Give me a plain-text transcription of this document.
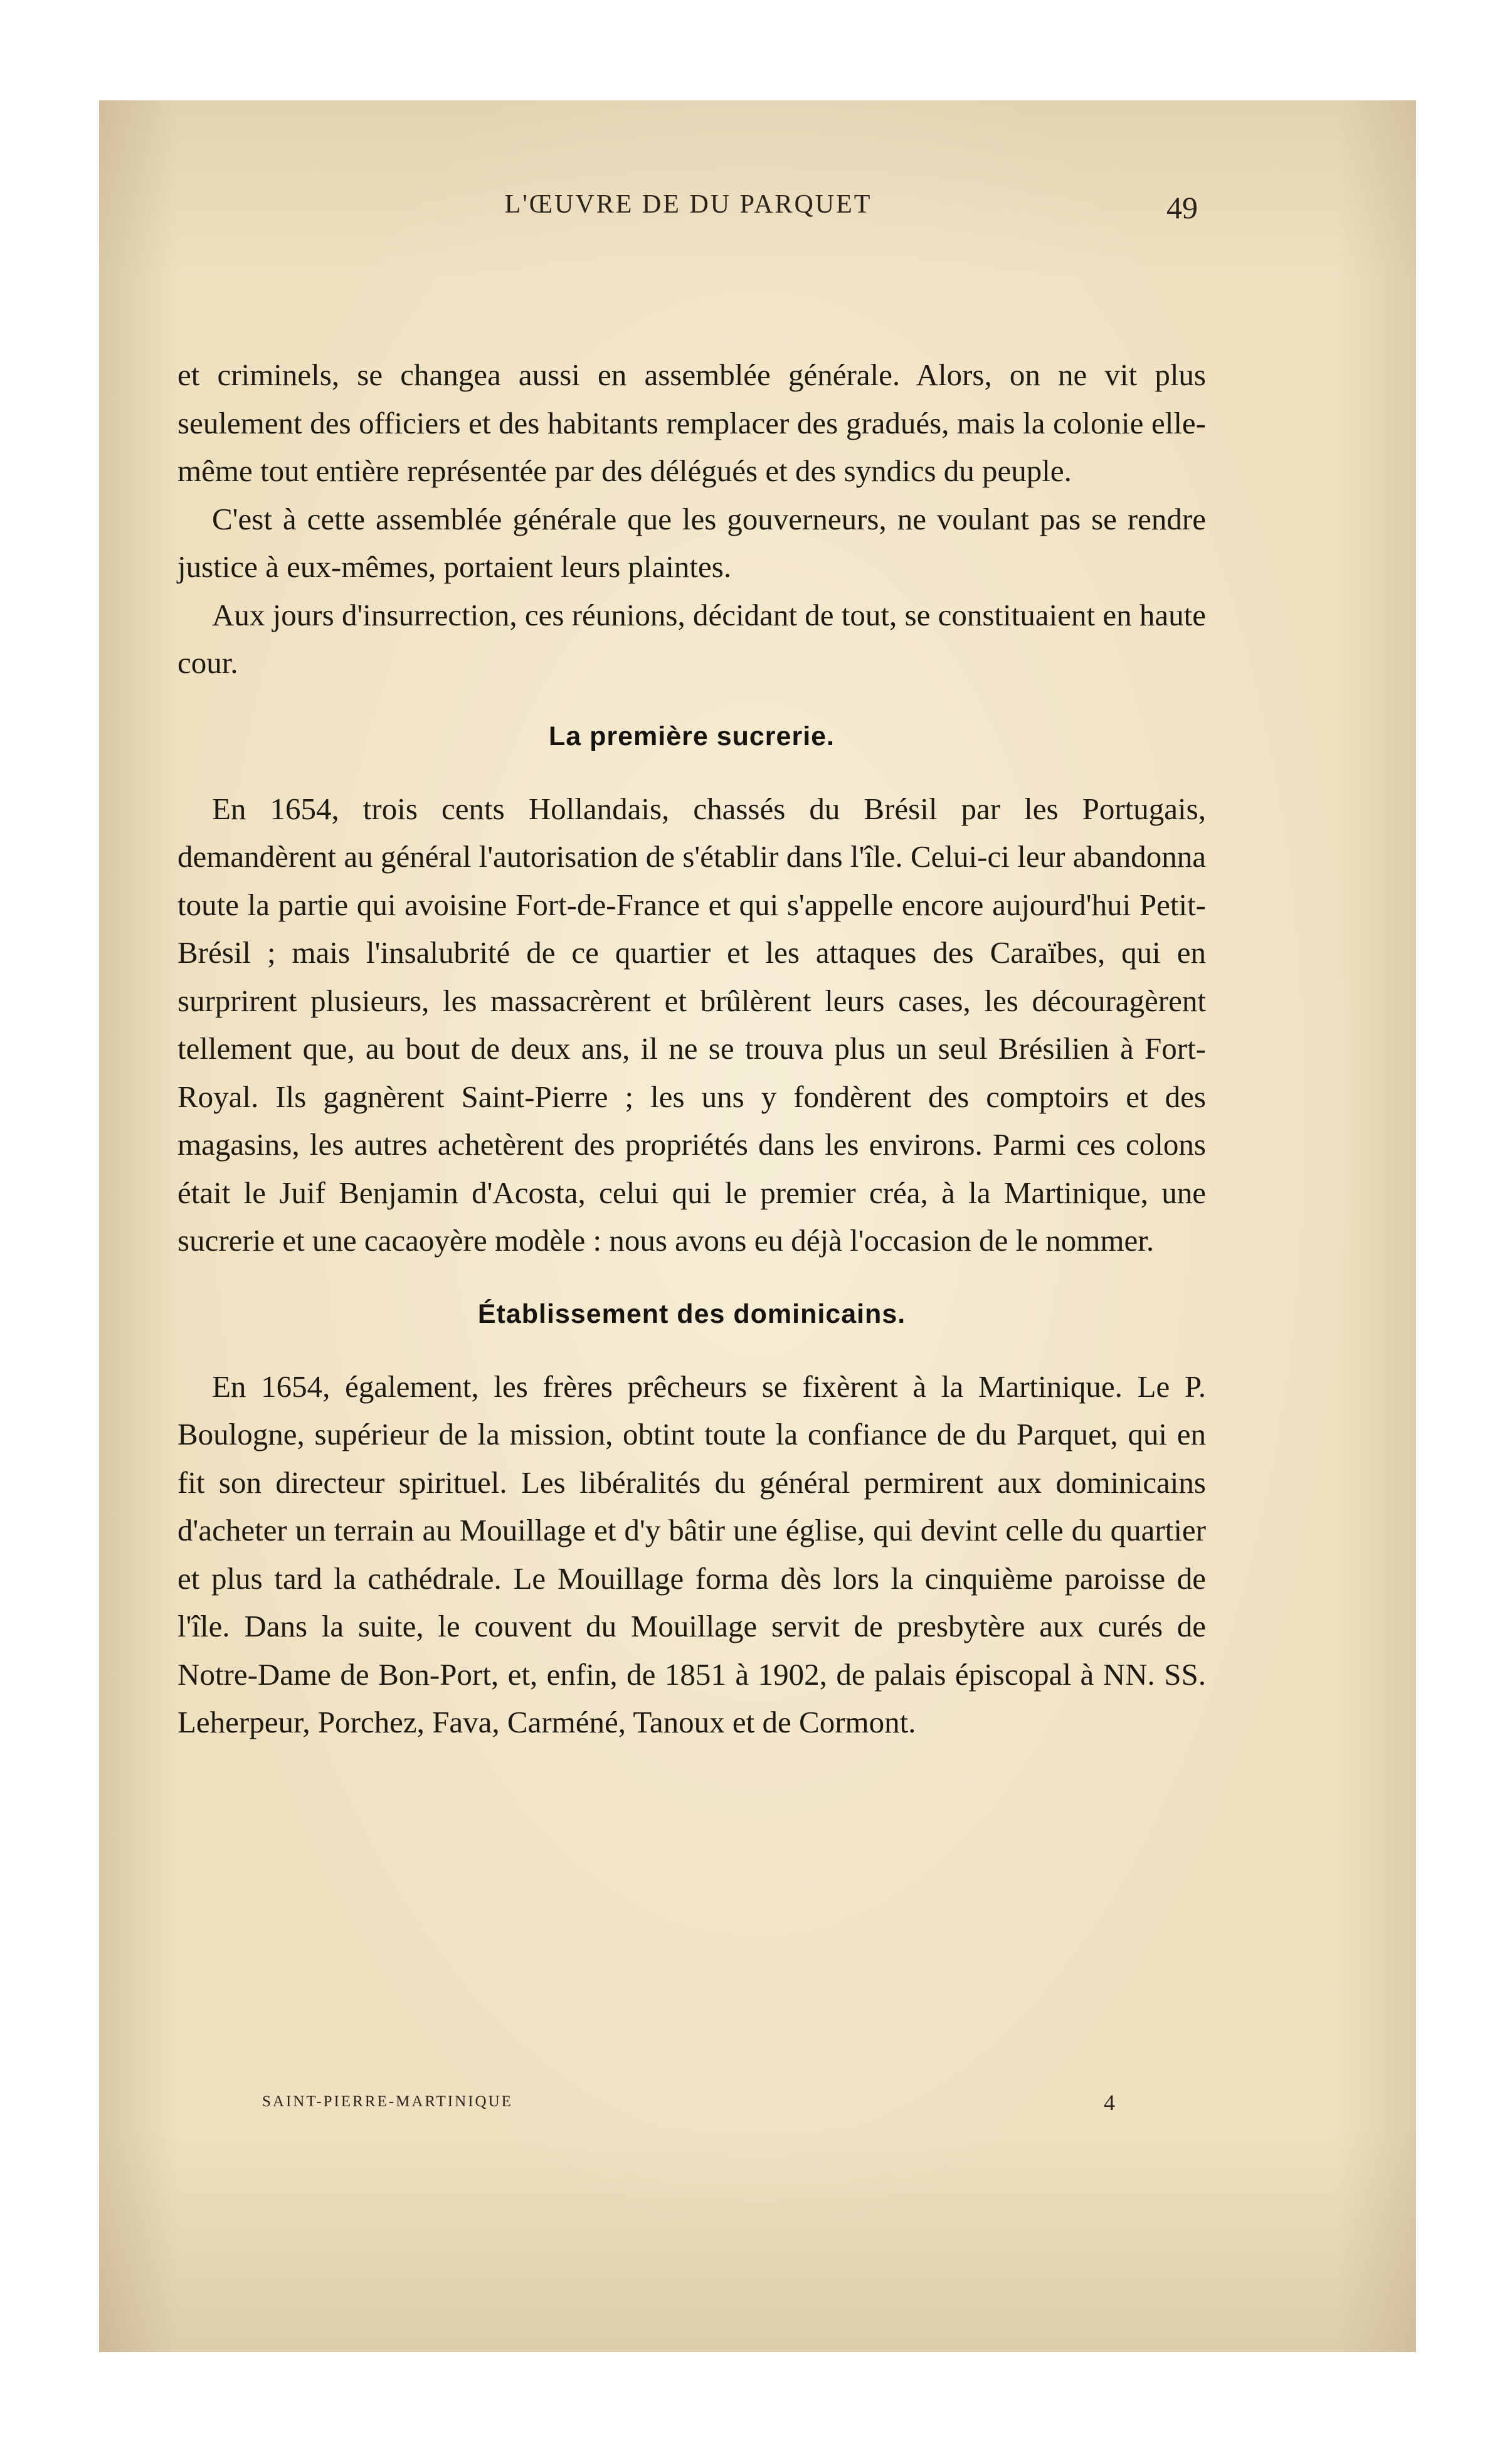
L'ŒUVRE DE DU PARQUET	49

et criminels, se changea aussi en assemblée générale. Alors, on ne vit plus seulement des officiers et des habitants remplacer des gradués, mais la colonie elle-même tout entière représentée par des délégués et des syndics du peuple.

C'est à cette assemblée générale que les gouverneurs, ne voulant pas se rendre justice à eux-mêmes, portaient leurs plaintes.

Aux jours d'insurrection, ces réunions, décidant de tout, se constituaient en haute cour.

La première sucrerie.

En 1654, trois cents Hollandais, chassés du Brésil par les Portugais, demandèrent au général l'autorisation de s'établir dans l'île. Celui-ci leur abandonna toute la partie qui avoisine Fort-de-France et qui s'appelle encore aujourd'hui Petit-Brésil ; mais l'insalubrité de ce quartier et les attaques des Caraïbes, qui en surprirent plusieurs, les massacrèrent et brûlèrent leurs cases, les découragèrent tellement que, au bout de deux ans, il ne se trouva plus un seul Brésilien à Fort-Royal. Ils gagnèrent Saint-Pierre ; les uns y fondèrent des comptoirs et des magasins, les autres achetèrent des propriétés dans les environs. Parmi ces colons était le Juif Benjamin d'Acosta, celui qui le premier créa, à la Martinique, une sucrerie et une cacaoyère modèle : nous avons eu déjà l'occasion de le nommer.

Établissement des dominicains.

En 1654, également, les frères prêcheurs se fixèrent à la Martinique. Le P. Boulogne, supérieur de la mission, obtint toute la confiance de du Parquet, qui en fit son directeur spirituel. Les libéralités du général permirent aux dominicains d'acheter un terrain au Mouillage et d'y bâtir une église, qui devint celle du quartier et plus tard la cathédrale. Le Mouillage forma dès lors la cinquième paroisse de l'île. Dans la suite, le couvent du Mouillage servit de presbytère aux curés de Notre-Dame de Bon-Port, et, enfin, de 1851 à 1902, de palais épiscopal à NN. SS. Leherpeur, Porchez, Fava, Carméné, Tanoux et de Cormont.

SAINT-PIERRE-MARTINIQUE	4
